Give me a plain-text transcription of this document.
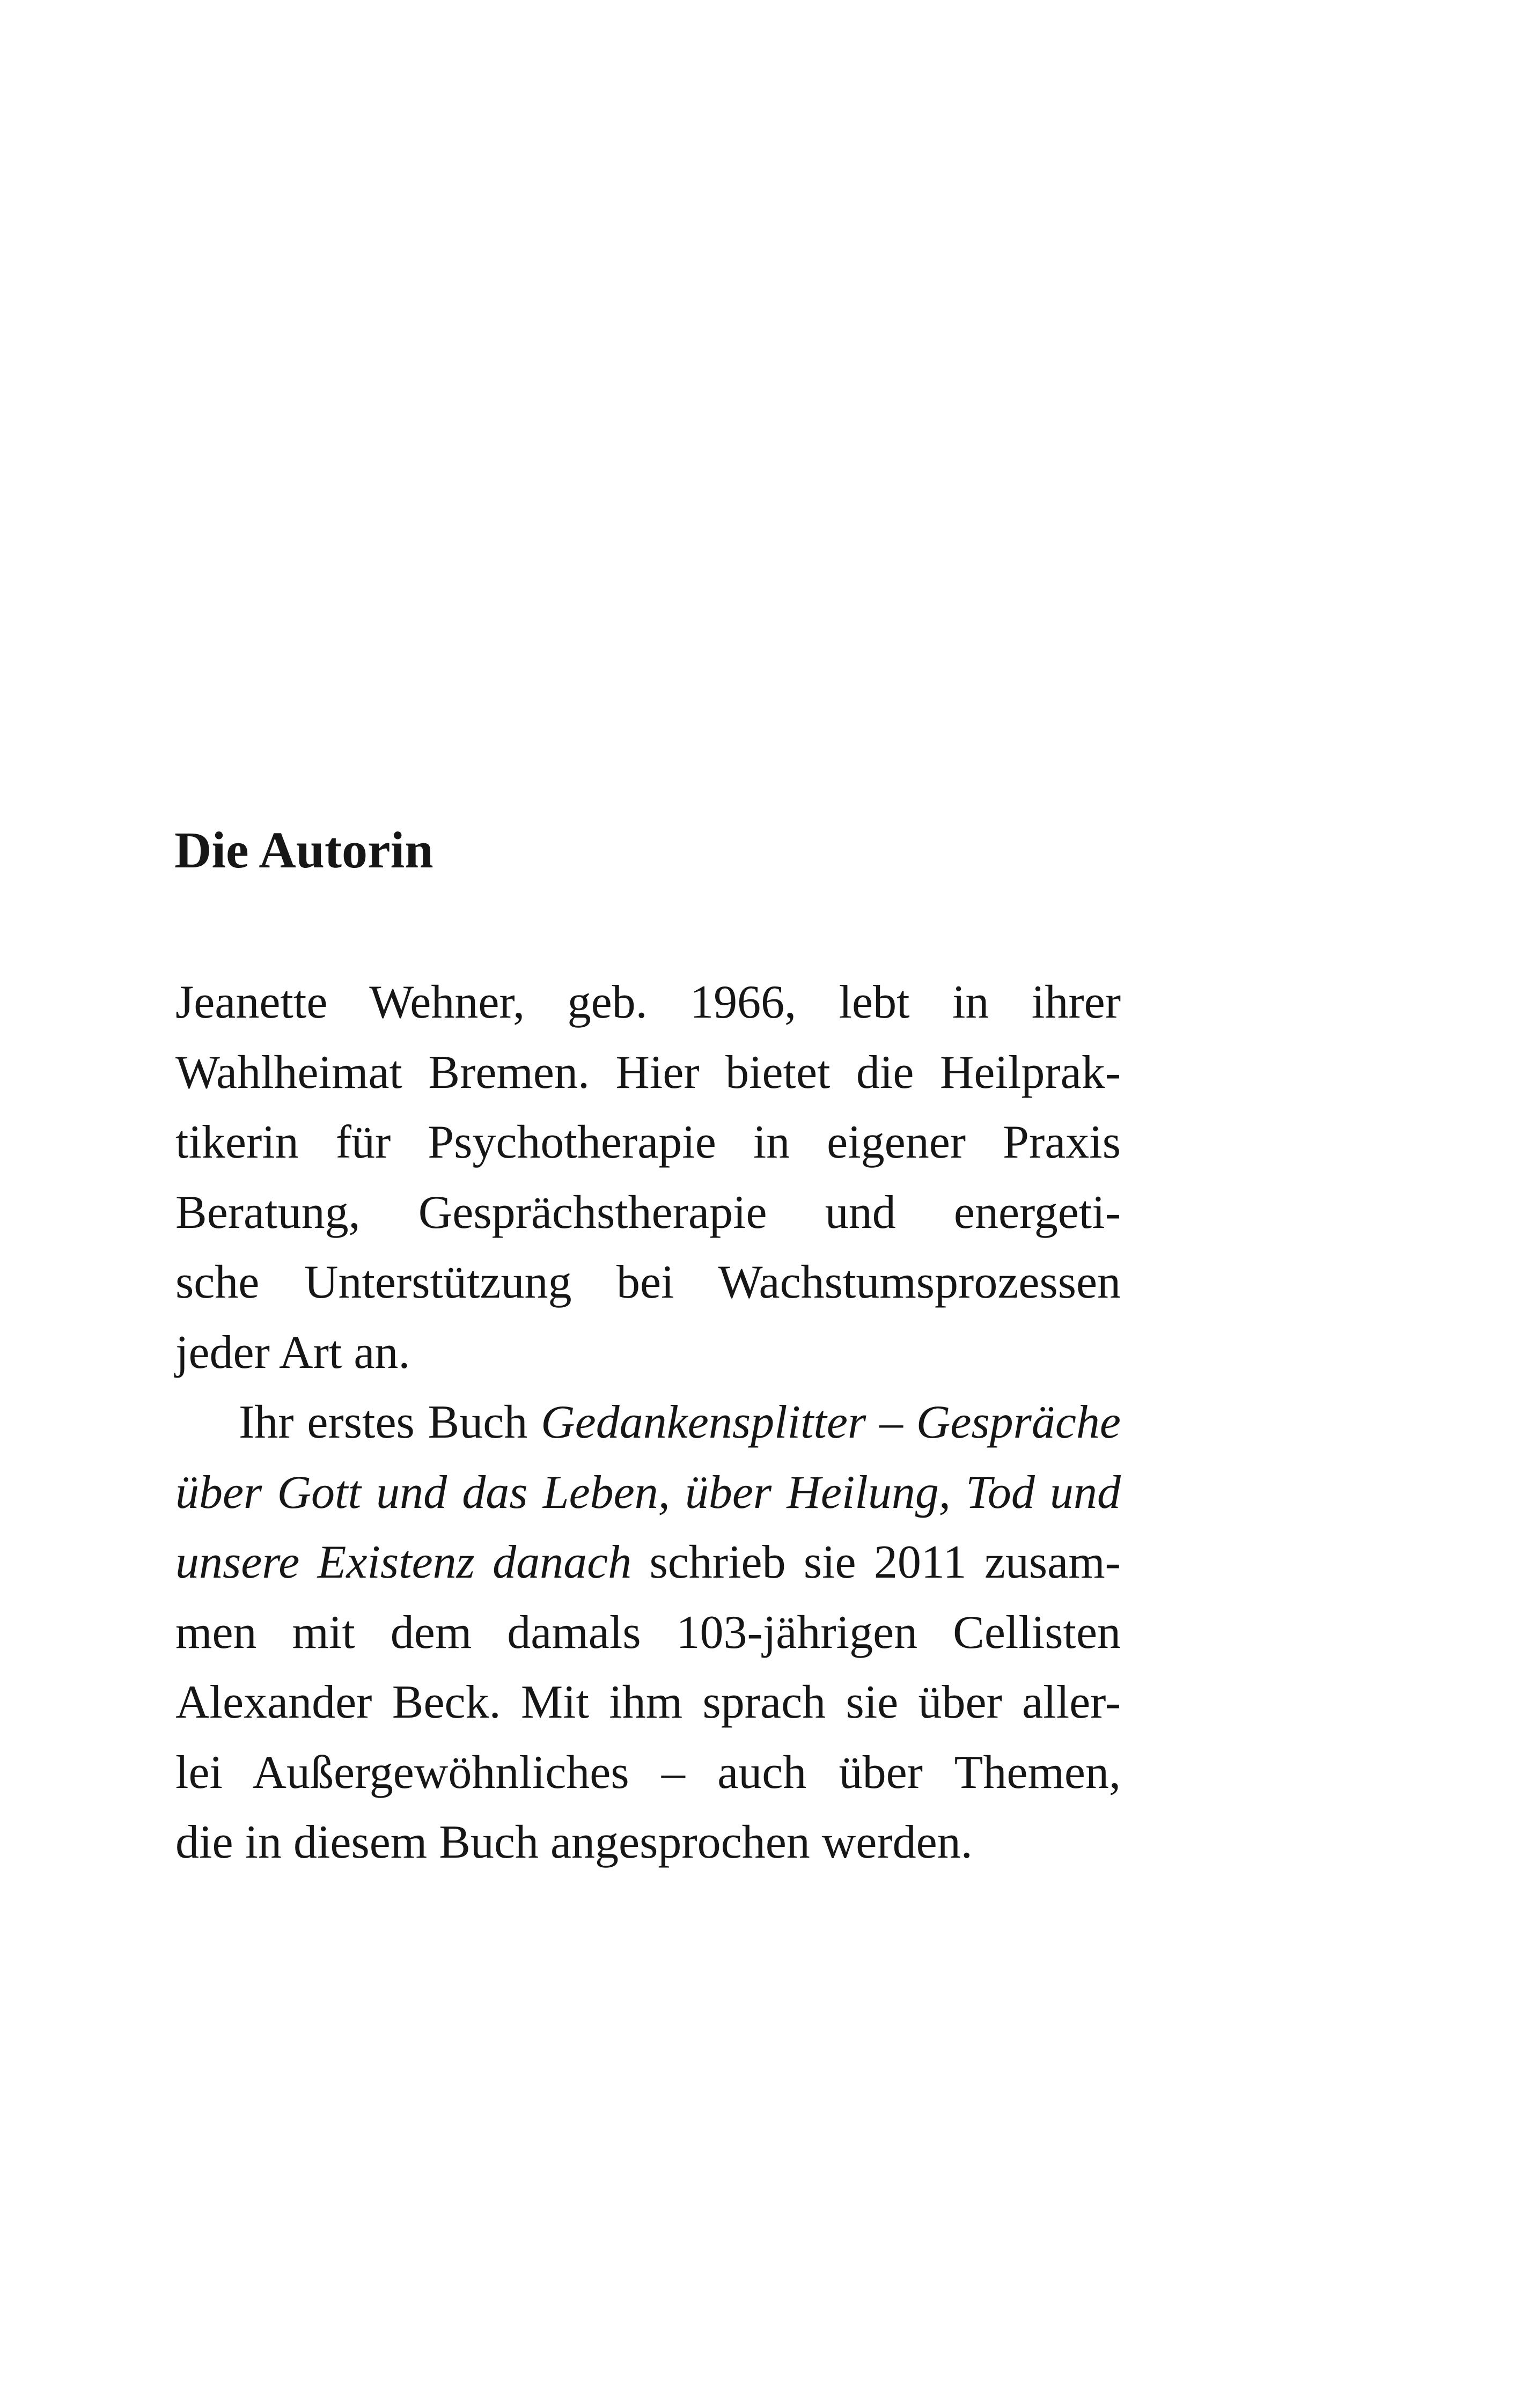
Die Autorin
Jeanette Wehner, geb. 1966, lebt in ihrer
Wahlheimat Bremen. Hier bietet die Heilprak-
tikerin für Psychotherapie in eigener Praxis
Beratung, Gesprächstherapie und energeti-
sche Unterstützung bei Wachstumsprozessen
jeder Art an.
Ihr erstes Buch Gedankensplitter – Gespräche
über Gott und das Leben, über Heilung, Tod und
unsere Existenz danach schrieb sie 2011 zusam-
men mit dem damals 103-jährigen Cellisten
Alexander Beck. Mit ihm sprach sie über aller-
lei Außergewöhnliches – auch über Themen,
die in diesem Buch angesprochen werden.
